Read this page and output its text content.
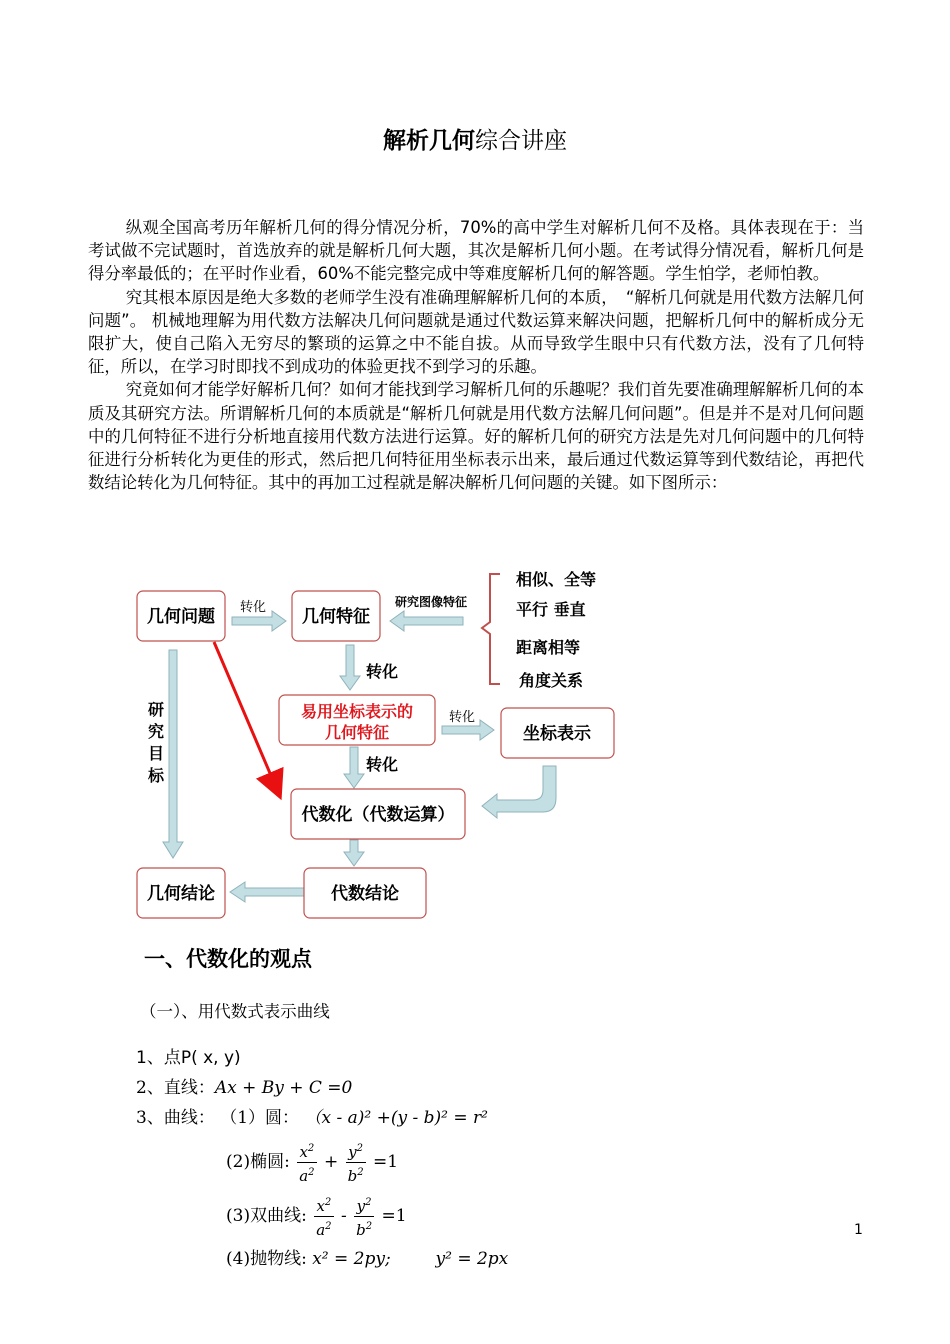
解析几何综合讲座

纵观全国高考历年解析几何的得分情况分析，70%的高中学生对解析几何不及格。具体表现在于：当考试做不完试题时，首选放弃的就是解析几何大题，其次是解析几何小题。在考试得分情况看，解析几何是得分率最低的；在平时作业看，60%不能完整完成中等难度解析几何的解答题。学生怕学，老师怕教。

究其根本原因是绝大多数的老师学生没有准确理解解析几何的本质，　“解析几何就是用代数方法解几何问题”。 机械地理解为用代数方法解决几何问题就是通过代数运算来解决问题，把解析几何中的解析成分无限扩大，使自己陷入无穷尽的繁琐的运算之中不能自拔。从而导致学生眼中只有代数方法，没有了几何特征，所以，在学习时即找不到成功的体验更找不到学习的乐趣。

究竟如何才能学好解析几何？如何才能找到学习解析几何的乐趣呢？我们首先要准确理解解析几何的本质及其研究方法。所谓解析几何的本质就是“解析几何就是用代数方法解几何问题”。但是并不是对几何问题中的几何特征不进行分析地直接用代数方法进行运算。好的解析几何的研究方法是先对几何问题中的几何特征进行分析转化为更佳的形式，然后把几何特征用坐标表示出来，最后通过代数运算等到代数结论，再把代数结论转化为几何特征。其中的再加工过程就是解决解析几何问题的关键。如下图所示：

几何问题	几何特征
坐标表示
代数化（代数运算）
几何结论	代数结论
易用坐标表示的
几何特征
转化	研究图像特征
转化
转化
转化
研
究
目
标
相似、全等
平行 垂直
距离相等
角度关系
一、代数化的观点
（一）、用代数式表示曲线
1、点P( x, y)
2、直线：Ax + By + C =0
3、曲线： （1）圆： （x - a)² +(y - b)² = r²
(2)椭圆: $\frac{x^2}{a^2} + \frac{y^2}{b^2} =1$
(3)双曲线: $\frac{x^2}{a^2} - \frac{y^2}{b^2} =1$
(4)抛物线: x² = 2py;	y² = 2px
1
